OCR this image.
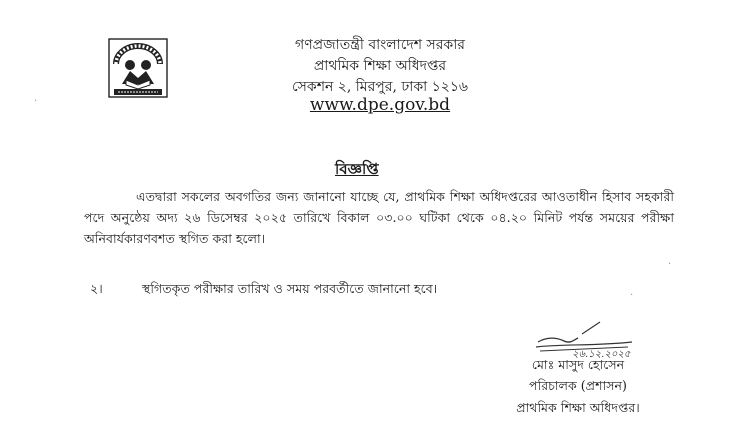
গণপ্রজাতন্ত্রী বাংলাদেশ সরকার
প্রাথমিক শিক্ষা অধিদপ্তর
সেকশন ২, মিরপুর, ঢাকা ১২১৬
www.dpe.gov.bd
বিজ্ঞপ্তি
এতদ্বারা সকলের অবগতির জন্য জানানো যাচ্ছে যে, প্রাথমিক শিক্ষা অধিদপ্তরের আওতাধীন হিসাব সহকারী পদে অনুষ্ঠেয় অদ্য ২৬ ডিসেম্বর ২০২৫ তারিখে বিকাল ০৩.০০ ঘটিকা থেকে ০৪.২০ মিনিট পর্যন্ত সময়ের পরীক্ষা অনিবার্যকারণবশত স্থগিত করা হলো।
২।	স্থগিতকৃত পরীক্ষার তারিখ ও সময় পরবর্তীতে জানানো হবে।
২৬.১২.২০২৫
মোঃ মাসুদ হোসেন
পরিচালক (প্রশাসন)
প্রাথমিক শিক্ষা অধিদপ্তর।
·
·
·
